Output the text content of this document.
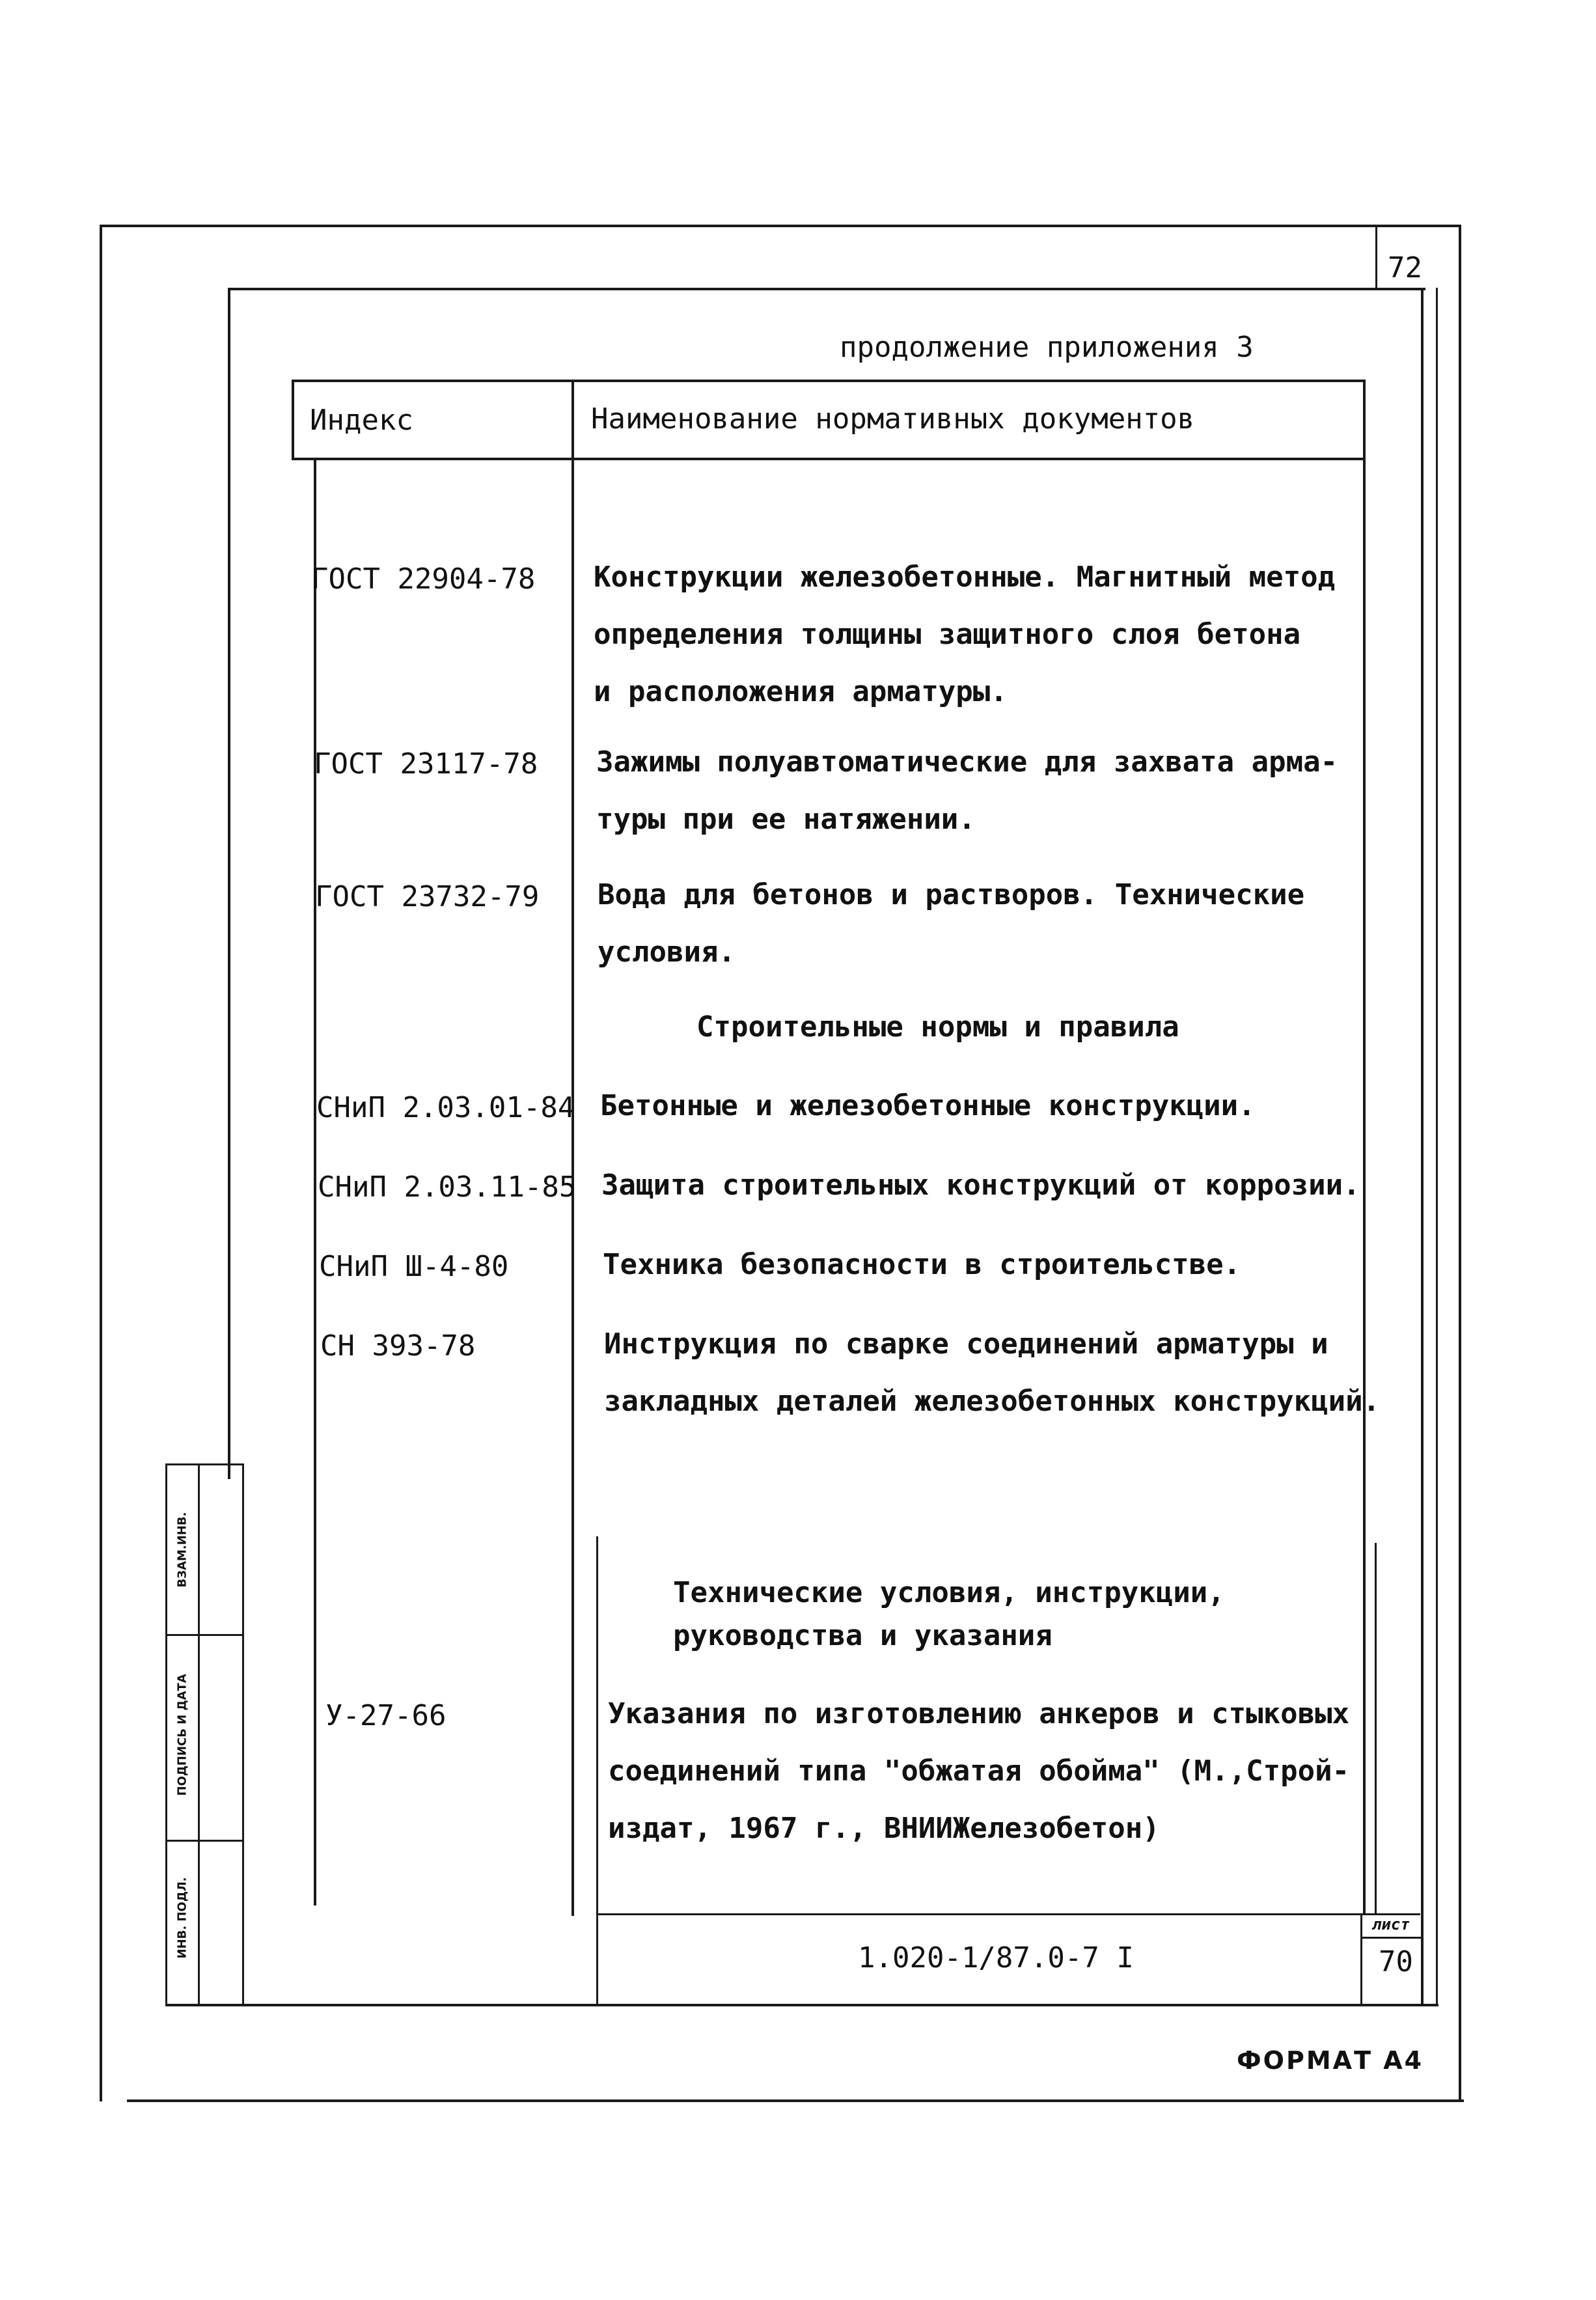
72
продолжение приложения 3
Индекс	Наименование нормативных документов
ГОСТ 22904-78 Конструкции железобетонные. Магнитный метод
определения толщины защитного слоя бетона
и расположения арматуры.
ГОСТ 23117-78 Зажимы полуавтоматические для захвата арма-
туры при ее натяжении.
ГОСТ 23732-79 Вода для бетонов и растворов. Технические
условия.
Строительные нормы и правила
СНиП 2.03.01-84 Бетонные и железобетонные конструкции.
СНиП 2.03.11-85 Защита строительных конструкций от коррозии.
СНиП Ш-4-80	Техника безопасности в строительстве.
СН 393-78	Инструкция по сварке соединений арматуры и
закладных деталей железобетонных конструкций.
Технические условия, инструкции,
руководства и указания
У-27-66	Указания по изготовлению анкеров и стыковых
соединений типа "обжатая обойма" (М.,Строй-
издат, 1967 г., ВНИИЖелезобетон)
1.020-1/87.0-7 I
лист
70
ВЗАМ.ИНВ.
ПОДПИСЬ И ДАТА
ИНВ. ПОДЛ.
ФОРМАТ А4
